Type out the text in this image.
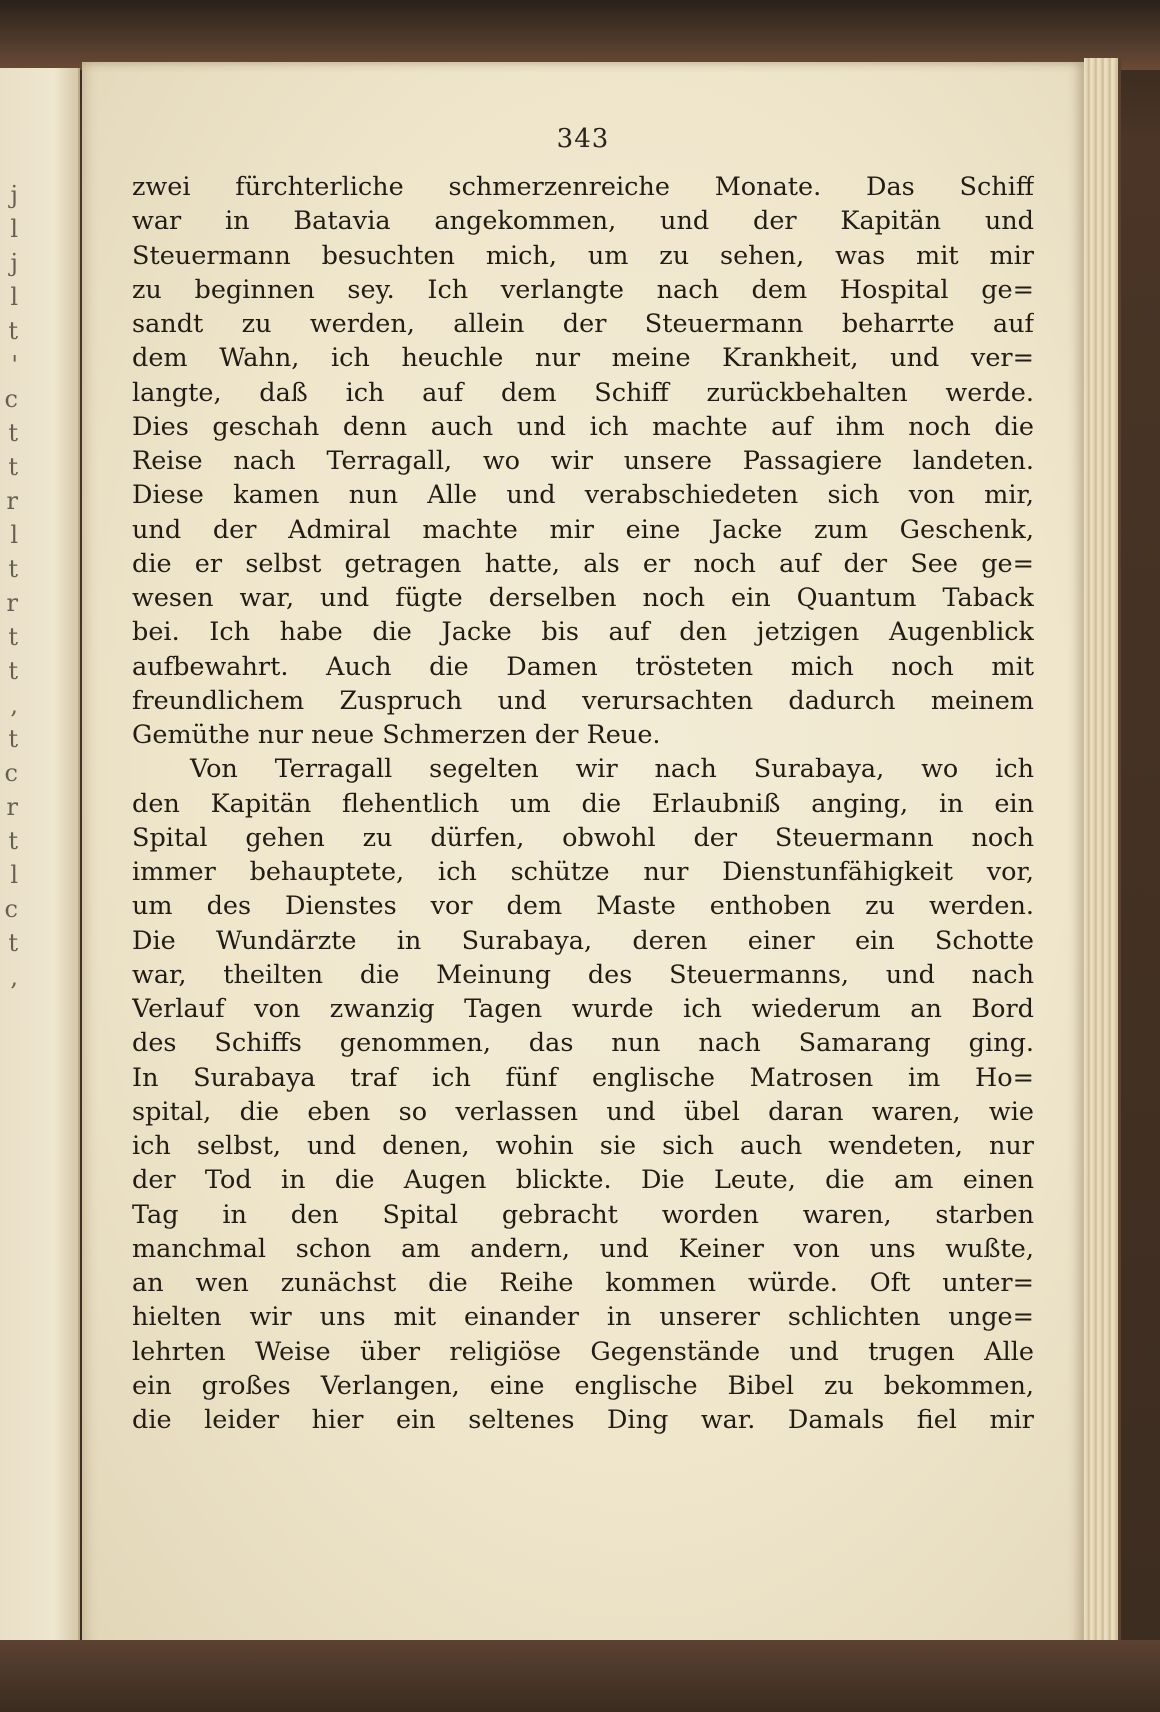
j
l
j
l
t
'
c
t
t
r
l
t
r
t
t
,
t
c
r
t
l
c
t
,
343
zwei fürchterliche schmerzenreiche Monate. Das Schiff
war in Batavia angekommen, und der Kapitän und
Steuermann besuchten mich, um zu sehen, was mit mir
zu beginnen sey. Ich verlangte nach dem Hospital ge=
sandt zu werden, allein der Steuermann beharrte auf
dem Wahn, ich heuchle nur meine Krankheit, und ver=
langte, daß ich auf dem Schiff zurückbehalten werde.
Dies geschah denn auch und ich machte auf ihm noch die
Reise nach Terragall, wo wir unsere Passagiere landeten.
Diese kamen nun Alle und verabschiedeten sich von mir,
und der Admiral machte mir eine Jacke zum Geschenk,
die er selbst getragen hatte, als er noch auf der See ge=
wesen war, und fügte derselben noch ein Quantum Taback
bei. Ich habe die Jacke bis auf den jetzigen Augenblick
aufbewahrt. Auch die Damen trösteten mich noch mit
freundlichem Zuspruch und verursachten dadurch meinem
Gemüthe nur neue Schmerzen der Reue.
Von Terragall segelten wir nach Surabaya, wo ich
den Kapitän flehentlich um die Erlaubniß anging, in ein
Spital gehen zu dürfen, obwohl der Steuermann noch
immer behauptete, ich schütze nur Dienstunfähigkeit vor,
um des Dienstes vor dem Maste enthoben zu werden.
Die Wundärzte in Surabaya, deren einer ein Schotte
war, theilten die Meinung des Steuermanns, und nach
Verlauf von zwanzig Tagen wurde ich wiederum an Bord
des Schiffs genommen, das nun nach Samarang ging.
In Surabaya traf ich fünf englische Matrosen im Ho=
spital, die eben so verlassen und übel daran waren, wie
ich selbst, und denen, wohin sie sich auch wendeten, nur
der Tod in die Augen blickte. Die Leute, die am einen
Tag in den Spital gebracht worden waren, starben
manchmal schon am andern, und Keiner von uns wußte,
an wen zunächst die Reihe kommen würde. Oft unter=
hielten wir uns mit einander in unserer schlichten unge=
lehrten Weise über religiöse Gegenstände und trugen Alle
ein großes Verlangen, eine englische Bibel zu bekommen,
die leider hier ein seltenes Ding war. Damals fiel mir
